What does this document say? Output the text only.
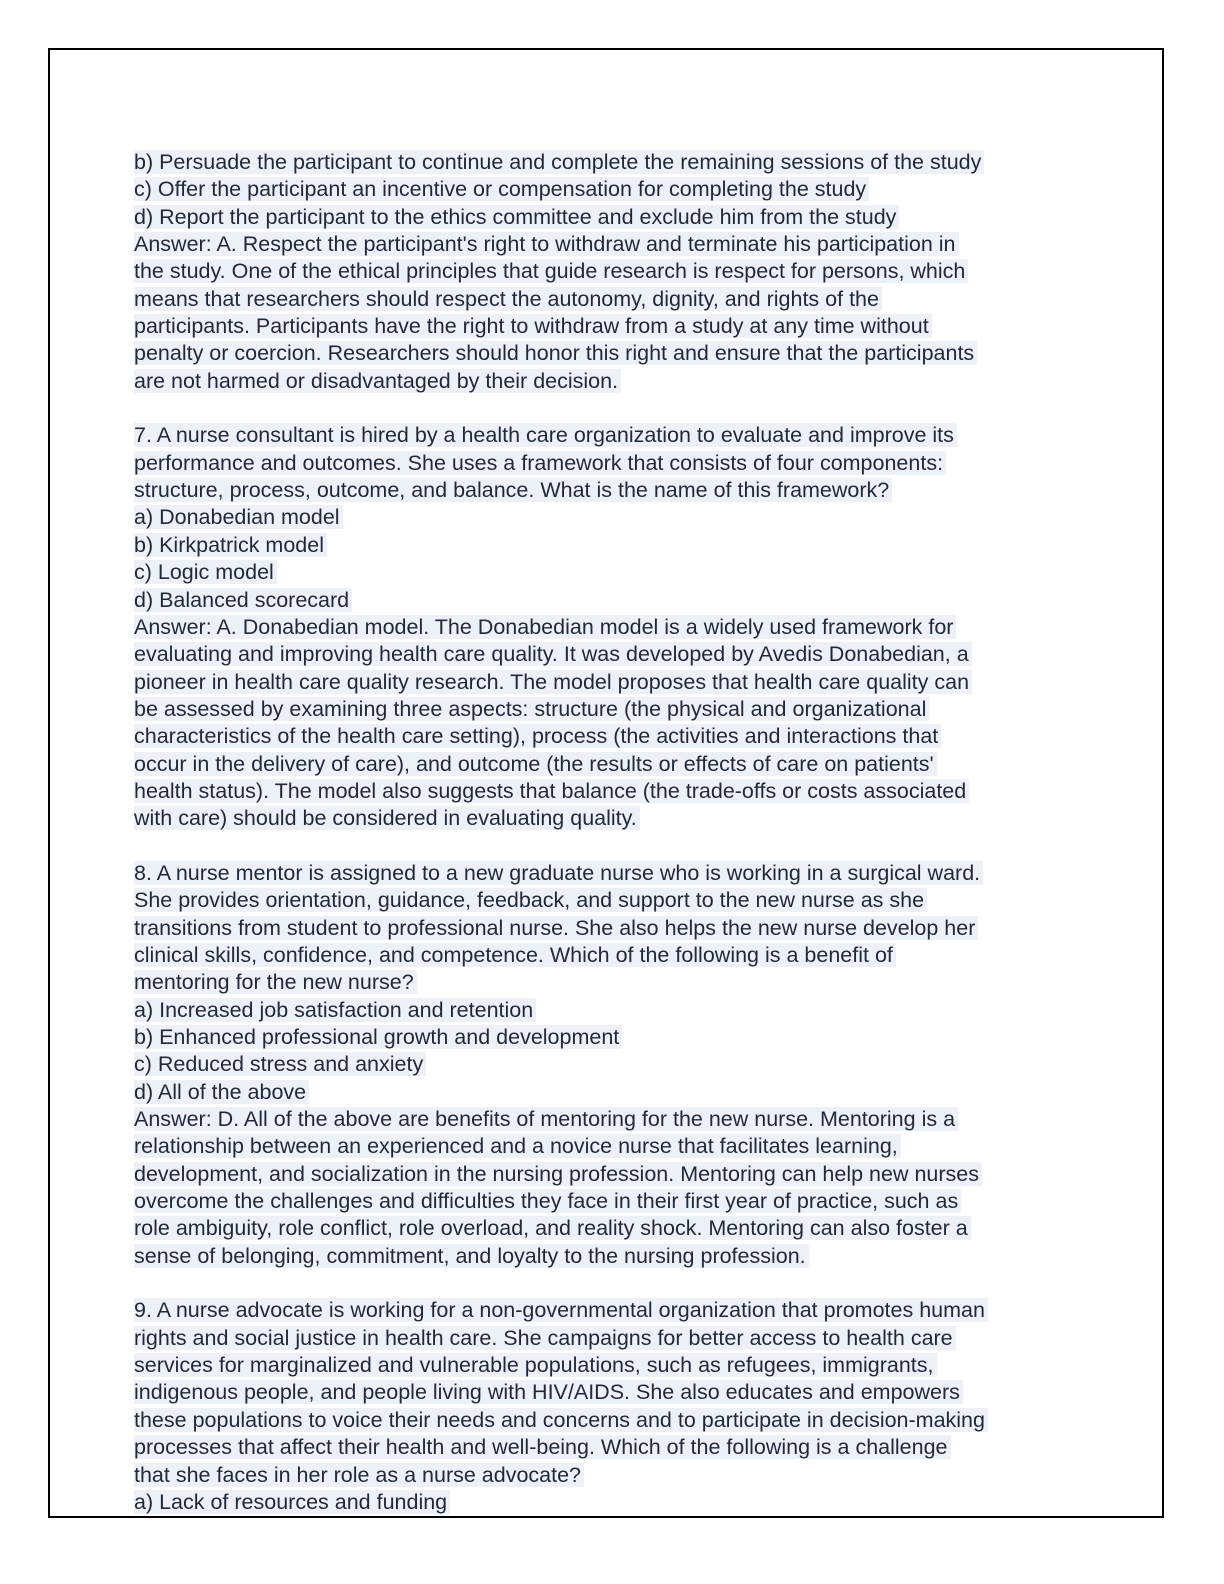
b) Persuade the participant to continue and complete the remaining sessions of the study
c) Offer the participant an incentive or compensation for completing the study
d) Report the participant to the ethics committee and exclude him from the study
Answer: A. Respect the participant's right to withdraw and terminate his participation in
the study. One of the ethical principles that guide research is respect for persons, which
means that researchers should respect the autonomy, dignity, and rights of the
participants. Participants have the right to withdraw from a study at any time without
penalty or coercion. Researchers should honor this right and ensure that the participants
are not harmed or disadvantaged by their decision.
7. A nurse consultant is hired by a health care organization to evaluate and improve its
performance and outcomes. She uses a framework that consists of four components:
structure, process, outcome, and balance. What is the name of this framework?
a) Donabedian model
b) Kirkpatrick model
c) Logic model
d) Balanced scorecard
Answer: A. Donabedian model. The Donabedian model is a widely used framework for
evaluating and improving health care quality. It was developed by Avedis Donabedian, a
pioneer in health care quality research. The model proposes that health care quality can
be assessed by examining three aspects: structure (the physical and organizational
characteristics of the health care setting), process (the activities and interactions that
occur in the delivery of care), and outcome (the results or effects of care on patients'
health status). The model also suggests that balance (the trade-offs or costs associated
with care) should be considered in evaluating quality.
8. A nurse mentor is assigned to a new graduate nurse who is working in a surgical ward.
She provides orientation, guidance, feedback, and support to the new nurse as she
transitions from student to professional nurse. She also helps the new nurse develop her
clinical skills, confidence, and competence. Which of the following is a benefit of
mentoring for the new nurse?
a) Increased job satisfaction and retention
b) Enhanced professional growth and development
c) Reduced stress and anxiety
d) All of the above
Answer: D. All of the above are benefits of mentoring for the new nurse. Mentoring is a
relationship between an experienced and a novice nurse that facilitates learning,
development, and socialization in the nursing profession. Mentoring can help new nurses
overcome the challenges and difficulties they face in their first year of practice, such as
role ambiguity, role conflict, role overload, and reality shock. Mentoring can also foster a
sense of belonging, commitment, and loyalty to the nursing profession.
9. A nurse advocate is working for a non-governmental organization that promotes human
rights and social justice in health care. She campaigns for better access to health care
services for marginalized and vulnerable populations, such as refugees, immigrants,
indigenous people, and people living with HIV/AIDS. She also educates and empowers
these populations to voice their needs and concerns and to participate in decision-making
processes that affect their health and well-being. Which of the following is a challenge
that she faces in her role as a nurse advocate?
a) Lack of resources and funding
